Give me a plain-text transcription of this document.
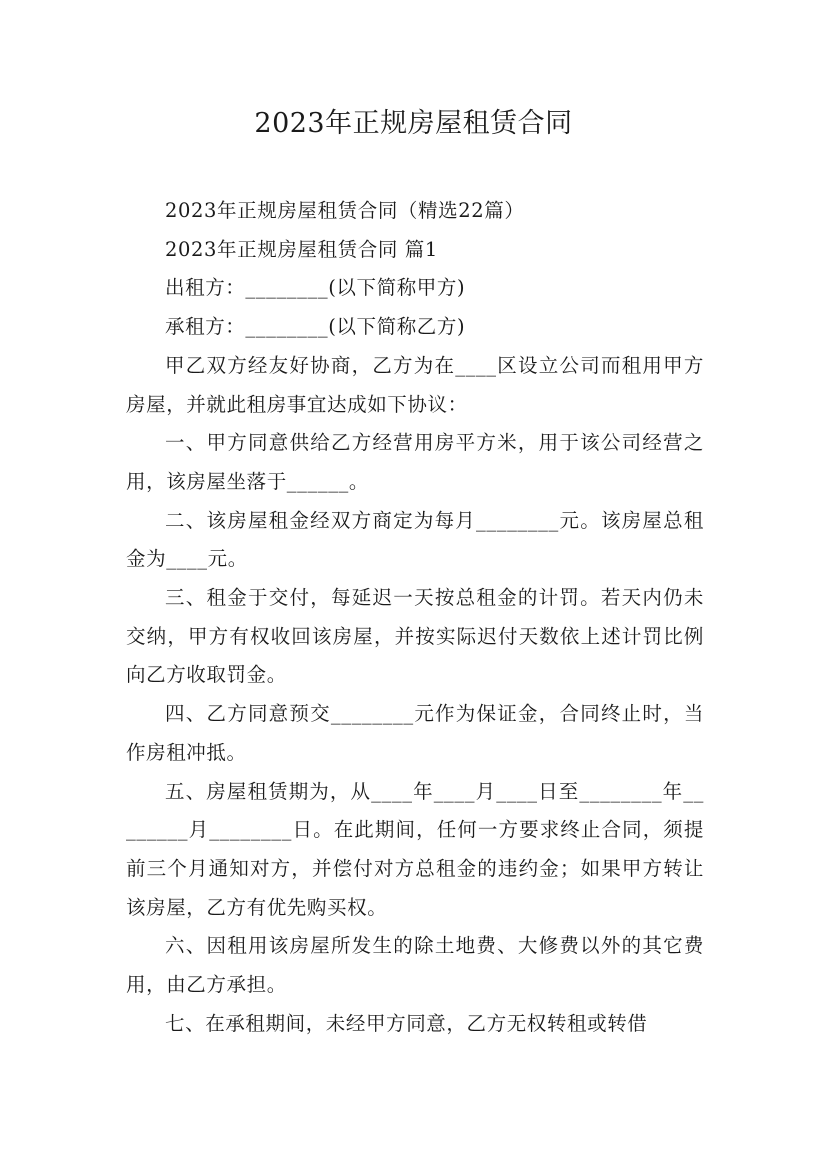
2023年正规房屋租赁合同

2023年正规房屋租赁合同（精选22篇）

2023年正规房屋租赁合同 篇1

出租方：________(以下简称甲方)

承租方：________(以下简称乙方)

甲乙双方经友好协商，乙方为在____区设立公司而租用甲方房屋，并就此租房事宜达成如下协议：

一、甲方同意供给乙方经营用房平方米，用于该公司经营之用，该房屋坐落于______。

二、该房屋租金经双方商定为每月________元。该房屋总租金为____元。

三、租金于交付，每延迟一天按总租金的计罚。若天内仍未交纳，甲方有权收回该房屋，并按实际迟付天数依上述计罚比例向乙方收取罚金。

四、乙方同意预交________元作为保证金，合同终止时，当作房租冲抵。

五、房屋租赁期为，从____年____月____日至________年________月________日。在此期间，任何一方要求终止合同，须提前三个月通知对方，并偿付对方总租金的违约金；如果甲方转让该房屋，乙方有优先购买权。

六、因租用该房屋所发生的除土地费、大修费以外的其它费用，由乙方承担。

七、在承租期间，未经甲方同意，乙方无权转租或转借
